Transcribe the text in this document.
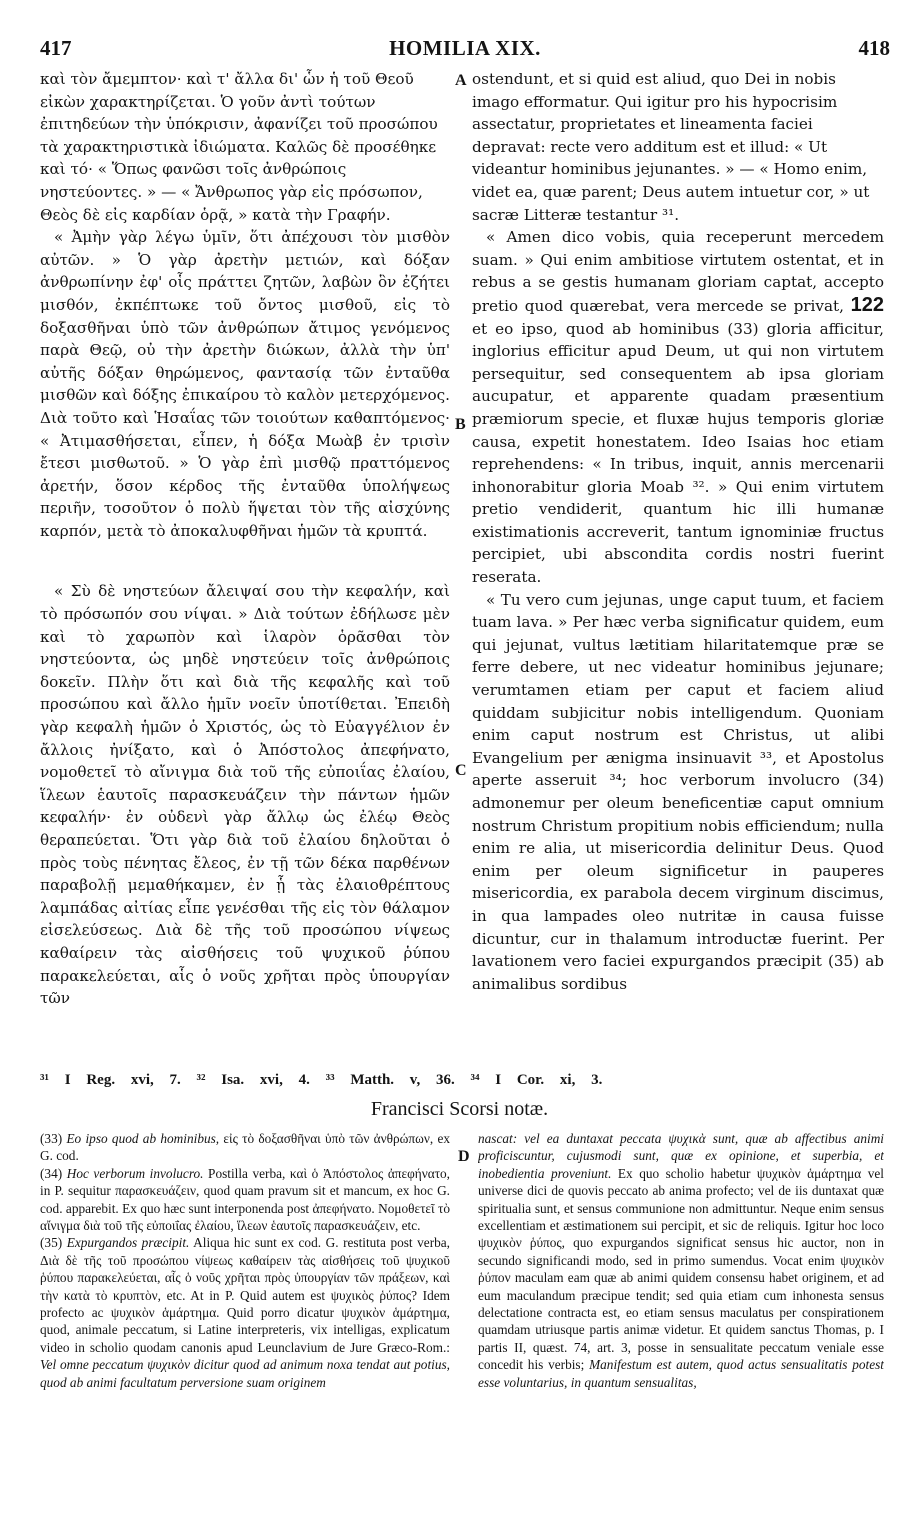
417	HOMILIA XIX.	418

καὶ τὸν ἄμεμπτον· καὶ τ' ἄλλα δι' ὧν ἡ τοῦ Θεοῦ εἰκὼν χαρακτηρίζεται. Ὁ γοῦν ἀντὶ τούτων ἐπιτηδεύων τὴν ὑπόκρισιν, ἀφανίζει τοῦ προσώπου τὰ χαρακτηριστικὰ ἰδιώματα. Καλῶς δὲ προσέθηκε καὶ τό· « Ὅπως φανῶσι τοῖς ἀνθρώποις νηστεύοντες. » — « Ἄνθρωπος γὰρ εἰς πρόσωπον, Θεὸς δὲ εἰς καρδίαν ὁρᾷ, » κατὰ τὴν Γραφήν.

« Ἀμὴν γὰρ λέγω ὑμῖν, ὅτι ἀπέχουσι τὸν μισθὸν αὐτῶν. » Ὁ γὰρ ἀρετὴν μετιών, καὶ δόξαν ἀνθρωπίνην ἐφ' οἷς πράττει ζητῶν, λαβὼν ὃν ἐζήτει μισθόν, ἐκπέπτωκε τοῦ ὄντος μισθοῦ, εἰς τὸ δοξασθῆναι ὑπὸ τῶν ἀνθρώπων ἄτιμος γενόμενος παρὰ Θεῷ, οὐ τὴν ἀρετὴν διώκων, ἀλλὰ τὴν ὑπ' αὐτῆς δόξαν θηρώμενος, φαντασίᾳ τῶν ἐνταῦθα μισθῶν καὶ δόξης ἐπικαίρου τὸ καλὸν μετερχόμενος. Διὰ τοῦτο καὶ Ἡσαΐας τῶν τοιούτων καθαπτόμενος· « Ἀτιμασθήσεται, εἶπεν, ἡ δόξα Μωὰβ ἐν τρισὶν ἔτεσι μισθωτοῦ. » Ὁ γὰρ ἐπὶ μισθῷ πραττόμενος ἀρετήν, ὅσον κέρδος τῆς ἐνταῦθα ὑπολήψεως περιῆν, τοσοῦτον ὁ πολὺ ἥψεται τὸν τῆς αἰσχύνης καρπόν, μετὰ τὸ ἀποκαλυφθῆναι ἡμῶν τὰ κρυπτά.

« Σὺ δὲ νηστεύων ἄλειψαί σου τὴν κεφαλήν, καὶ τὸ πρόσωπόν σου νίψαι. » Διὰ τούτων ἐδήλωσε μὲν καὶ τὸ χαρωπὸν καὶ ἱλαρὸν ὁρᾶσθαι τὸν νηστεύοντα, ὡς μηδὲ νηστεύειν τοῖς ἀνθρώποις δοκεῖν. Πλὴν ὅτι καὶ διὰ τῆς κεφαλῆς καὶ τοῦ προσώπου καὶ ἄλλο ἡμῖν νοεῖν ὑποτίθεται. Ἐπειδὴ γὰρ κεφαλὴ ἡμῶν ὁ Χριστός, ὡς τὸ Εὐαγγέλιον ἐν ἄλλοις ἠνίξατο, καὶ ὁ Ἀπόστολος ἀπεφήνατο, νομοθετεῖ τὸ αἴνιγμα διὰ τοῦ τῆς εὐποιΐας ἐλαίου, ἵλεων ἑαυτοῖς παρασκευάζειν τὴν πάντων ἡμῶν κεφαλήν· ἐν οὐδενὶ γὰρ ἄλλῳ ὡς ἐλέῳ Θεὸς θεραπεύεται. Ὅτι γὰρ διὰ τοῦ ἐλαίου δηλοῦται ὁ πρὸς τοὺς πένητας ἔλεος, ἐν τῇ τῶν δέκα παρθένων παραβολῇ μεμαθήκαμεν, ἐν ᾗ τὰς ἐλαιοθρέπτους λαμπάδας αἰτίας εἶπε γενέσθαι τῆς εἰς τὸν θάλαμον εἰσελεύσεως. Διὰ δὲ τῆς τοῦ προσώπου νίψεως καθαίρειν τὰς αἰσθήσεις τοῦ ψυχικοῦ ῥύπου παρακελεύεται, αἷς ὁ νοῦς χρῆται πρὸς ὑπουργίαν τῶν

A
B
C
D

ostendunt, et si quid est aliud, quo Dei in nobis imago efformatur. Qui igitur pro his hypocrisim assectatur, proprietates et lineamenta faciei depravat: recte vero additum est et illud: « Ut videantur hominibus jejunantes. » — « Homo enim, videt ea, quæ parent; Deus autem intuetur cor, » ut sacræ Litteræ testantur ³¹.

« Amen dico vobis, quia receperunt mercedem suam. » Qui enim ambitiose virtutem ostentat, et in rebus a se gestis humanam gloriam captat, accepto pretio quod quærebat, vera mercede se privat, 122 et eo ipso, quod ab hominibus (33) gloria afficitur, inglorius efficitur apud Deum, ut qui non virtutem persequitur, sed consequentem ab ipsa gloriam aucupatur, et apparente quadam præsentium præmiorum specie, et fluxæ hujus temporis gloriæ causa, expetit honestatem. Ideo Isaias hoc etiam reprehendens: « In tribus, inquit, annis mercenarii inhonorabitur gloria Moab ³². » Qui enim virtutem pretio vendiderit, quantum hic illi humanæ existimationis accreverit, tantum ignominiæ fructus percipiet, ubi abscondita cordis nostri fuerint reserata.

« Tu vero cum jejunas, unge caput tuum, et faciem tuam lava. » Per hæc verba significatur quidem, eum qui jejunat, vultus lætitiam hilaritatemque præ se ferre debere, ut nec videatur hominibus jejunare; verumtamen etiam per caput et faciem aliud quiddam subjicitur nobis intelligendum. Quoniam enim caput nostrum est Christus, ut alibi Evangelium per ænigma insinuavit ³³, et Apostolus aperte asseruit ³⁴; hoc verborum involucro (34) admonemur per oleum beneficentiæ caput omnium nostrum Christum propitium nobis efficiendum; nulla enim re alia, ut misericordia delinitur Deus. Quod enim per oleum significetur in pauperes misericordia, ex parabola decem virginum discimus, in qua lampades oleo nutritæ in causa fuisse dicuntur, cur in thalamum introductæ fuerint. Per lavationem vero faciei expurgandos præcipit (35) ab animalibus sordibus

³¹ I Reg. xvi, 7. ³² Isa. xvi, 4. ³³ Matth. v, 36. ³⁴ I Cor. xi, 3.
Francisci Scorsi notæ.

(33) Eo ipso quod ab hominibus, εἰς τὸ δοξασθῆναι ὑπὸ τῶν ἀνθρώπων, ex G. cod.

(34) Hoc verborum involucro. Postilla verba, καὶ ὁ Ἀπόστολος ἀπεφήνατο, in P. sequitur παρασκευάζειν, quod quam pravum sit et mancum, ex hoc G. cod. apparebit. Ex quo hæc sunt interponenda post ἀπεφήνατο. Νομοθετεῖ τὸ αἴνιγμα διὰ τοῦ τῆς εὐποιΐας ἐλαίου, ἵλεων ἑαυτοῖς παρασκευάζειν, etc.

(35) Expurgandos præcipit. Aliqua hic sunt ex cod. G. restituta post verba, Διὰ δὲ τῆς τοῦ προσώπου νίψεως καθαίρειν τὰς αἰσθήσεις τοῦ ψυχικοῦ ῥύπου παρακελεύεται, αἷς ὁ νοῦς χρῆται πρὸς ὑπουργίαν τῶν πράξεων, καὶ τὴν κατὰ τὸ κρυπτὸν, etc. At in P. Quid autem est ψυχικὸς ῥύπος? Idem profecto ac ψυχικὸν ἁμάρτημα. Quid porro dicatur ψυχικὸν ἁμάρτημα, quod, animale peccatum, si Latine interpreteris, vix intelligas, explicatum video in scholio quodam canonis apud Leunclavium de Jure Græco-Rom.: Vel omne peccatum ψυχικὸν dicitur quod ad animum noxa tendat aut potius, quod ab animi facultatum perversione suam originem

nascat: vel ea duntaxat peccata ψυχικὰ sunt, quæ ab affectibus animi proficiscuntur, cujusmodi sunt, quæ ex opinione, et superbia, et inobedientia proveniunt. Ex quo scholio habetur ψυχικὸν ἁμάρτημα vel universe dici de quovis peccato ab anima profecto; vel de iis duntaxat quæ spiritualia sunt, et sensus communione non admittuntur. Neque enim sensus excellentiam et æstimationem sui percipit, et sic de reliquis. Igitur hoc loco ψυχικὸν ῥύπος, quo expurgandos significat sensus hic auctor, non in secundo significandi modo, sed in primo sumendus. Vocat enim ψυχικὸν ῥύπον maculam eam quæ ab animi quidem consensu habet originem, et ad eum maculandum præcipue tendit; sed quia etiam cum inhonesta sensus delectatione contracta est, eo etiam sensus maculatus per conspirationem quamdam utriusque partis animæ videtur. Et quidem sanctus Thomas, p. I partis II, quæst. 74, art. 3, posse in sensualitate peccatum veniale esse concedit his verbis; Manifestum est autem, quod actus sensualitatis potest esse voluntarius, in quantum sensualitas,
